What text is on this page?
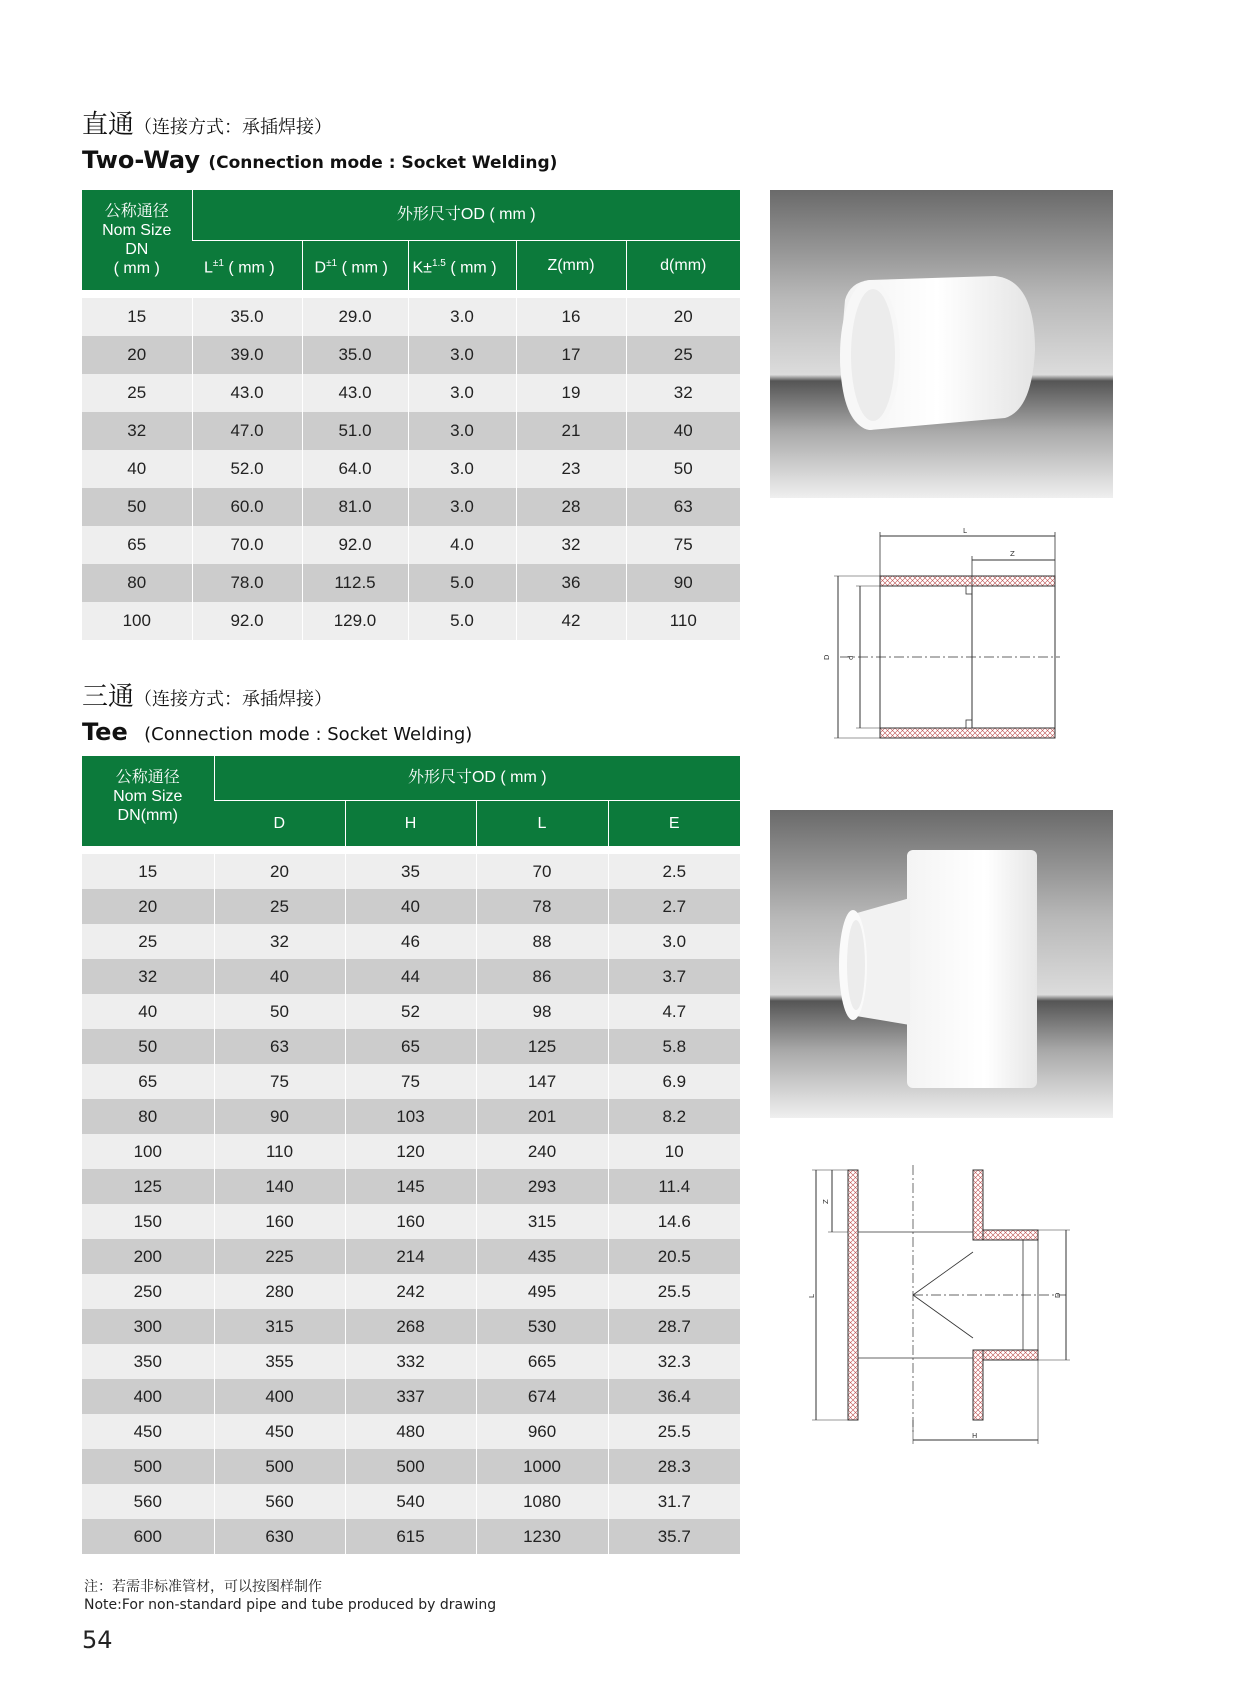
直通（连接方式：承插焊接）
Two-Way (Connection mode : Socket Welding)
公称通径
Nom Size
DN
( mm )	外形尺寸OD ( mm )				
	$L^{\pm 1}$ ( mm )	$D^{\pm 1}$ ( mm )	K±$^{1.5}$ ( mm )	Z(mm)	d(mm)

15	35.0	29.0	3.0	16	20
20	39.0	35.0	3.0	17	25
25	43.0	43.0	3.0	19	32
32	47.0	51.0	3.0	21	40
40	52.0	64.0	3.0	23	50
50	60.0	81.0	3.0	28	63
65	70.0	92.0	4.0	32	75
80	78.0	112.5	5.0	36	90
100	92.0	129.0	5.0	42	110
L
Z
D d
三通（连接方式：承插焊接）
Tee (Connection mode : Socket Welding)
公称通径
Nom Size
DN(mm)	外形尺寸OD ( mm )			
	D	H	L	E

15	20	35	70	2.5
20	25	40	78	2.7
25	32	46	88	3.0
32	40	44	86	3.7
40	50	52	98	4.7
50	63	65	125	5.8
65	75	75	147	6.9
80	90	103	201	8.2
100	110	120	240	10
125	140	145	293	11.4
150	160	160	315	14.6
200	225	214	435	20.5
250	280	242	495	25.5
300	315	268	530	28.7
350	355	332	665	32.3
400	400	337	674	36.4
450	450	480	960	25.5
500	500	500	1000	28.3
560	560	540	1080	31.7
600	630	615	1230	35.7
L
Z
D
H
注：若需非标准管材，可以按图样制作
Note:For non-standard pipe and tube produced by drawing
54
